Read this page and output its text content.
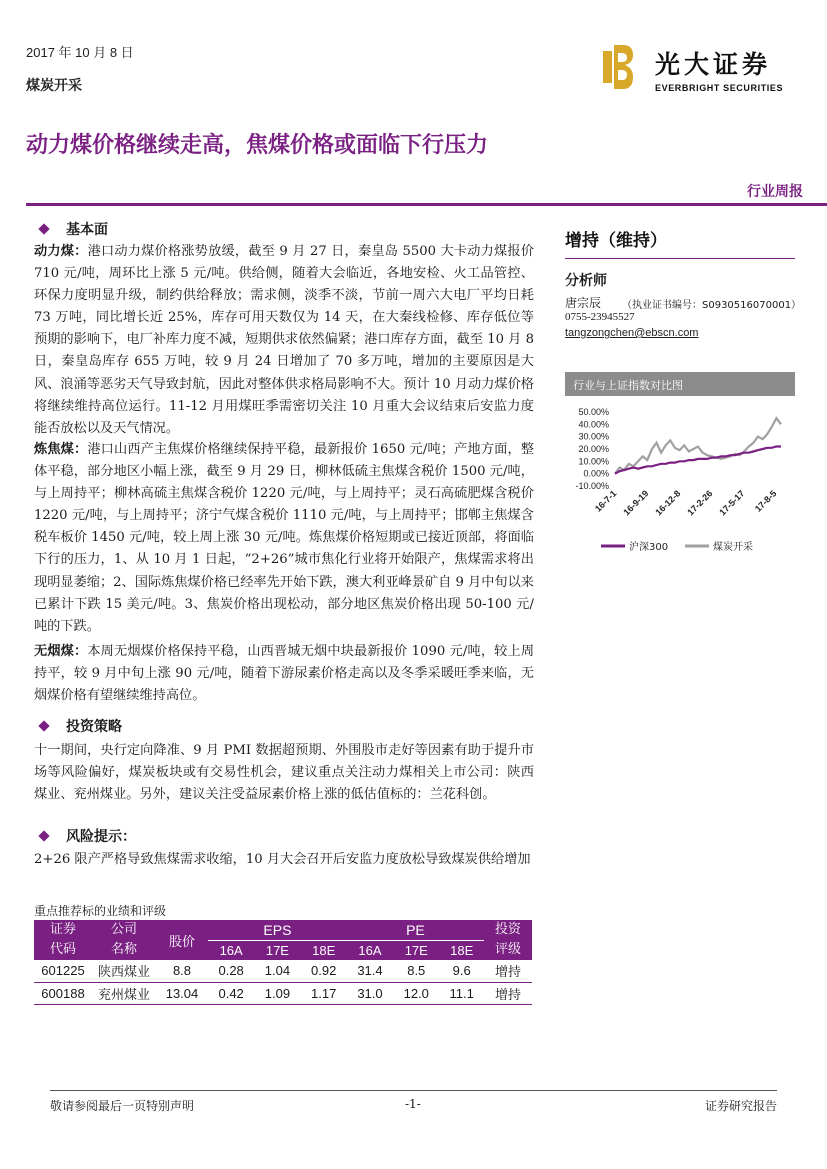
2017 年 10 月 8 日
煤炭开采
光大证券
EVERBRIGHT SECURITIES
动力煤价格继续走高，焦煤价格或面临下行压力
行业周报
基本面
动力煤：港口动力煤价格涨势放缓，截至 9 月 27 日，秦皇岛 5500 大卡动力煤报价 710 元/吨，周环比上涨 5 元/吨。供给侧，随着大会临近，各地安检、火工品管控、环保力度明显升级，制约供给释放；需求侧，淡季不淡，节前一周六大电厂平均日耗 73 万吨，同比增长近 25%，库存可用天数仅为 14 天，在大秦线检修、库存低位等预期的影响下，电厂补库力度不减，短期供求依然偏紧；港口库存方面，截至 10 月 8 日，秦皇岛库存 655 万吨，较 9 月 24 日增加了 70 多万吨，增加的主要原因是大风、浪涌等恶劣天气导致封航，因此对整体供求格局影响不大。预计 10 月动力煤价格将继续维持高位运行。11-12 月用煤旺季需密切关注 10 月重大会议结束后安监力度能否放松以及天气情况。
炼焦煤：港口山西产主焦煤价格继续保持平稳，最新报价 1650 元/吨；产地方面，整体平稳，部分地区小幅上涨，截至 9 月 29 日，柳林低硫主焦煤含税价 1500 元/吨，与上周持平；柳林高硫主焦煤含税价 1220 元/吨，与上周持平；灵石高硫肥煤含税价 1220 元/吨，与上周持平；济宁气煤含税价 1110 元/吨，与上周持平；邯郸主焦煤含税车板价 1450 元/吨，较上周上涨 30 元/吨。炼焦煤价格短期或已接近顶部，将面临下行的压力，1、从 10 月 1 日起，“2+26”城市焦化行业将开始限产，焦煤需求将出现明显萎缩；2、国际炼焦煤价格已经率先开始下跌，澳大利亚峰景矿自 9 月中旬以来已累计下跌 15 美元/吨。3、焦炭价格出现松动，部分地区焦炭价格出现 50-100 元/吨的下跌。
无烟煤：本周无烟煤价格保持平稳，山西晋城无烟中块最新报价 1090 元/吨，较上周持平，较 9 月中旬上涨 90 元/吨，随着下游尿素价格走高以及冬季采暖旺季来临，无烟煤价格有望继续维持高位。
投资策略
十一期间，央行定向降准、9 月 PMI 数据超预期、外围股市走好等因素有助于提升市场等风险偏好，煤炭板块或有交易性机会，建议重点关注动力煤相关上市公司：陕西煤业、兖州煤业。另外，建议关注受益尿素价格上涨的低估值标的：兰花科创。
风险提示：
2+26 限产严格导致焦煤需求收缩，10 月大会召开后安监力度放松导致煤炭供给增加
增持（维持）
分析师
唐宗辰 （执业证书编号：S0930516070001）
0755-23945527
tangzongchen@ebscn.com
行业与上证指数对比图
50.00%
40.00%
30.00%
20.00%
10.00%
0.00%
-10.00%
16-7-1 16-9-19 16-12-8 17-2-26 17-5-17 17-8-5
沪深300	煤炭开采
重点推荐标的业绩和评级
证券
代码	公司
名称	股价	EPS			PE			投资
评级
			16A	17E	18E	16A	17E	18E	
601225	陕西煤业	8.8	0.28	1.04	0.92	31.4	8.5	9.6	增持
600188	兖州煤业	13.04	0.42	1.09	1.17	31.0	12.0	11.1	增持
敬请参阅最后一页特别声明	-1-	证券研究报告
